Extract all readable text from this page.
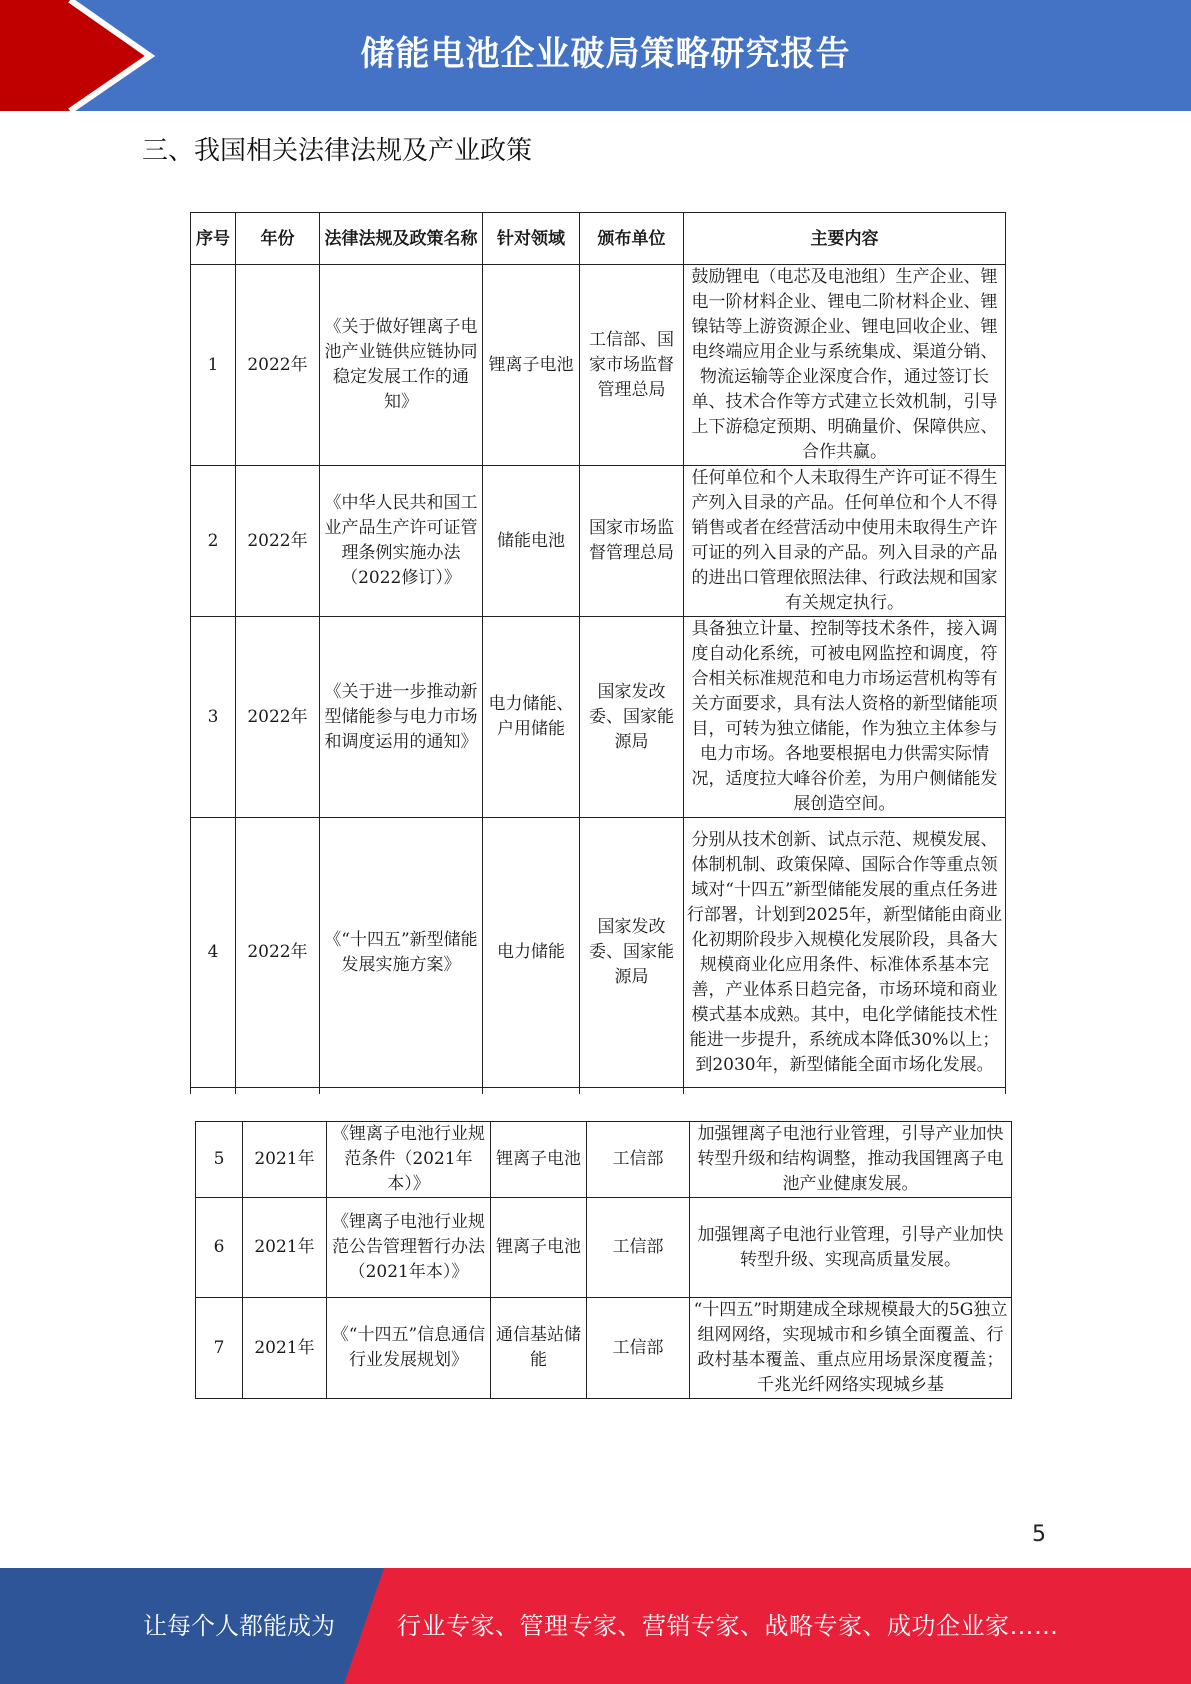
储能电池企业破局策略研究报告
三、我国相关法律法规及产业政策
序号	年份	法律法规及政策名称	针对领域	颁布单位	主要内容
1	2022年	《关于做好锂离子电池产业链供应链协同稳定发展工作的通知》	锂离子电池	工信部、国家市场监督管理总局	鼓励锂电（电芯及电池组）生产企业、锂电一阶材料企业、锂电二阶材料企业、锂镍钴等上游资源企业、锂电回收企业、锂电终端应用企业与系统集成、渠道分销、物流运输等企业深度合作，通过签订长单、技术合作等方式建立长效机制，引导上下游稳定预期、明确量价、保障供应、合作共赢。
2	2022年	《中华人民共和国工业产品生产许可证管理条例实施办法（2022修订）》	储能电池	国家市场监督管理总局	任何单位和个人未取得生产许可证不得生产列入目录的产品。任何单位和个人不得销售或者在经营活动中使用未取得生产许可证的列入目录的产品。列入目录的产品的进出口管理依照法律、行政法规和国家有关规定执行。
3	2022年	《关于进一步推动新型储能参与电力市场和调度运用的通知》	电力储能、户用储能	国家发改委、国家能源局	具备独立计量、控制等技术条件，接入调度自动化系统，可被电网监控和调度，符合相关标准规范和电力市场运营机构等有关方面要求，具有法人资格的新型储能项目，可转为独立储能，作为独立主体参与电力市场。各地要根据电力供需实际情况，适度拉大峰谷价差，为用户侧储能发展创造空间。
4	2022年	《“十四五”新型储能发展实施方案》	电力储能	国家发改委、国家能源局	分别从技术创新、试点示范、规模发展、体制机制、政策保障、国际合作等重点领域对“十四五”新型储能发展的重点任务进行部署，计划到2025年，新型储能由商业化初期阶段步入规模化发展阶段，具备大规模商业化应用条件、标准体系基本完善，产业体系日趋完备，市场环境和商业模式基本成熟。其中，电化学储能技术性能进一步提升，系统成本降低30%以上；到2030年，新型储能全面市场化发展。

5	2021年	《锂离子电池行业规范条件（2021年本）》	锂离子电池	工信部	加强锂离子电池行业管理，引导产业加快转型升级和结构调整，推动我国锂离子电池产业健康发展。
6	2021年	《锂离子电池行业规范公告管理暂行办法（2021年本）》	锂离子电池	工信部	加强锂离子电池行业管理，引导产业加快转型升级、实现高质量发展。
7	2021年	《“十四五”信息通信行业发展规划》	通信基站储能	工信部	“十四五”时期建成全球规模最大的5G独立组网网络，实现城市和乡镇全面覆盖、行政村基本覆盖、重点应用场景深度覆盖；千兆光纤网络实现城乡基
5
让每个人都能成为	行业专家、管理专家、营销专家、战略专家、成功企业家……
